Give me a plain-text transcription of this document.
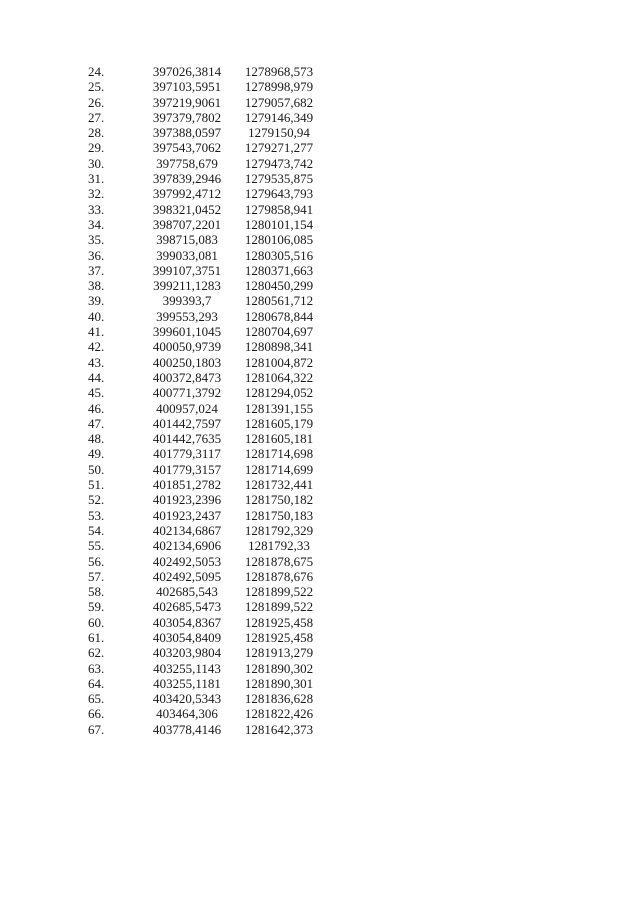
24.	397026,3814	1278968,573
25.	397103,5951	1278998,979
26.	397219,9061	1279057,682
27.	397379,7802	1279146,349
28.	397388,0597	1279150,94
29.	397543,7062	1279271,277
30.	397758,679	1279473,742
31.	397839,2946	1279535,875
32.	397992,4712	1279643,793
33.	398321,0452	1279858,941
34.	398707,2201	1280101,154
35.	398715,083	1280106,085
36.	399033,081	1280305,516
37.	399107,3751	1280371,663
38.	399211,1283	1280450,299
39.	399393,7	1280561,712
40.	399553,293	1280678,844
41.	399601,1045	1280704,697
42.	400050,9739	1280898,341
43.	400250,1803	1281004,872
44.	400372,8473	1281064,322
45.	400771,3792	1281294,052
46.	400957,024	1281391,155
47.	401442,7597	1281605,179
48.	401442,7635	1281605,181
49.	401779,3117	1281714,698
50.	401779,3157	1281714,699
51.	401851,2782	1281732,441
52.	401923,2396	1281750,182
53.	401923,2437	1281750,183
54.	402134,6867	1281792,329
55.	402134,6906	1281792,33
56.	402492,5053	1281878,675
57.	402492,5095	1281878,676
58.	402685,543	1281899,522
59.	402685,5473	1281899,522
60.	403054,8367	1281925,458
61.	403054,8409	1281925,458
62.	403203,9804	1281913,279
63.	403255,1143	1281890,302
64.	403255,1181	1281890,301
65.	403420,5343	1281836,628
66.	403464,306	1281822,426
67.	403778,4146	1281642,373
